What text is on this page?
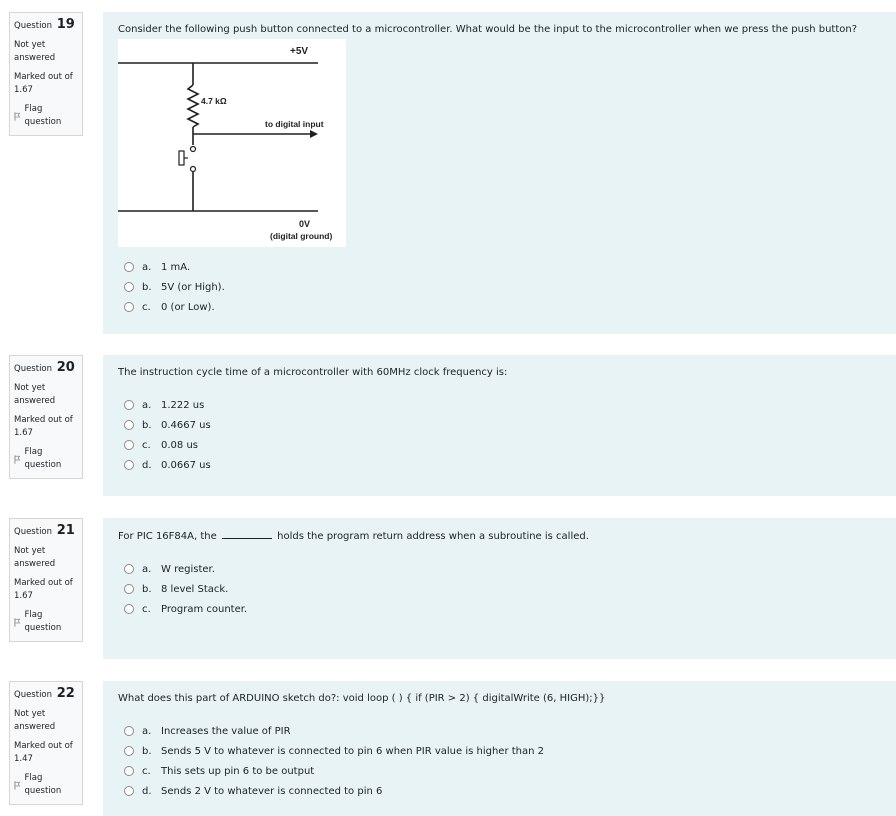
Question 19
Not yet
answered
Marked out of
1.67
Flag question

Consider the following push button connected to a microcontroller. What would be the input to the microcontroller when we press the push button?

+5V
4.7 kΩ
to digital input
0V
(digital ground)
a. 1 mA.
b. 5V (or High).
c.	0 (or Low).
Question 20
Not yet
answered
Marked out of
1.67
Flag question

The instruction cycle time of a microcontroller with 60MHz clock frequency is:

a. 1.222 us
b. 0.4667 us
c.	0.08 us
d. 0.0667 us
Question 21
Not yet
answered
Marked out of
1.67
Flag question

For PIC 16F84A, the	holds the program return address when a subroutine is called.

a. W register.
b. 8 level Stack.
c.	Program counter.
Question 22
Not yet
answered
Marked out of
1.47
Flag question

What does this part of ARDUINO sketch do?: void loop ( ) { if (PIR > 2) { digitalWrite (6, HIGH);}}

a. Increases the value of PIR
b. Sends 5 V to whatever is connected to pin 6 when PIR value is higher than 2
c.	This sets up pin 6 to be output
d. Sends 2 V to whatever is connected to pin 6
